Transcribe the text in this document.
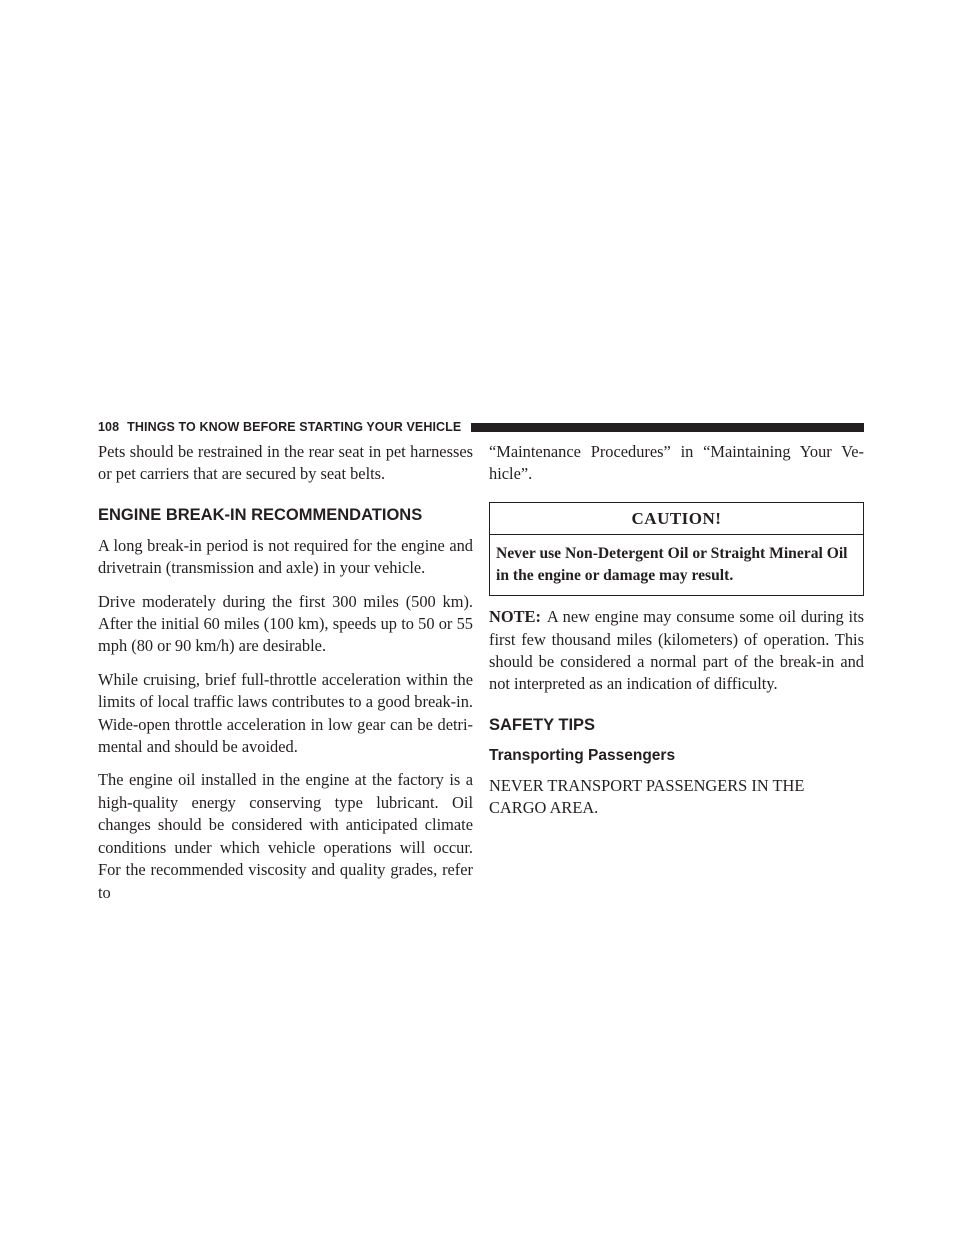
108 THINGS TO KNOW BEFORE STARTING YOUR VEHICLE

Pets should be restrained in the rear seat in pet harnesses or pet carriers that are secured by seat belts.

ENGINE BREAK-IN RECOMMENDATIONS

A long break-in period is not required for the engine and drivetrain (transmission and axle) in your vehicle.

Drive moderately during the first 300 miles (500 km). After the initial 60 miles (100 km), speeds up to 50 or 55 mph (80 or 90 km/h) are desirable.

While cruising, brief full-throttle acceleration within the limits of local traffic laws contributes to a good break-in. Wide-open throttle acceleration in low gear can be detri-mental and should be avoided.

The engine oil installed in the engine at the factory is a high-quality energy conserving type lubricant. Oil changes should be considered with anticipated climate conditions under which vehicle operations will occur. For the recommended viscosity and quality grades, refer to

“Maintenance Procedures” in “Maintaining Your Ve-hicle”.

CAUTION!
Never use Non-Detergent Oil or Straight Mineral Oil in the engine or damage may result.

NOTE: A new engine may consume some oil during its first few thousand miles (kilometers) of operation. This should be considered a normal part of the break-in and not interpreted as an indication of difficulty.

SAFETY TIPS
Transporting Passengers

NEVER TRANSPORT PASSENGERS IN THE CARGO AREA.
